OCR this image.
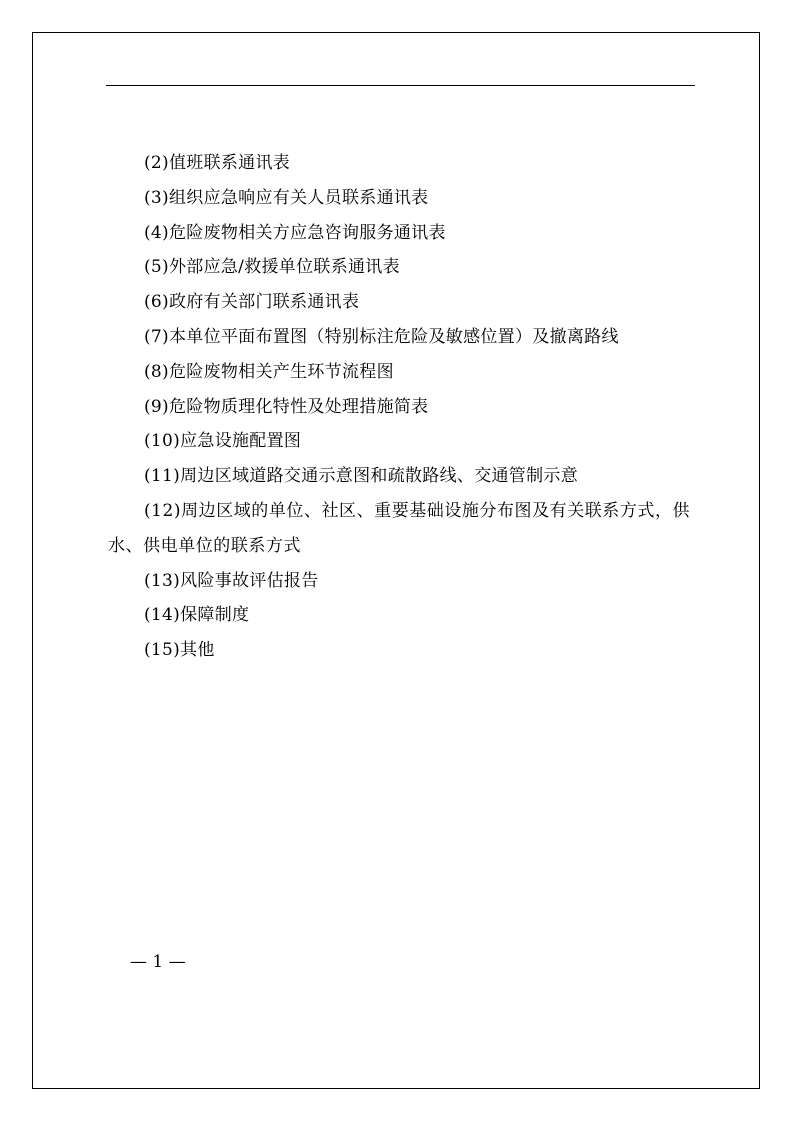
(2)值班联系通讯表
(3)组织应急响应有关人员联系通讯表
(4)危险废物相关方应急咨询服务通讯表
(5)外部应急/救援单位联系通讯表
(6)政府有关部门联系通讯表
(7)本单位平面布置图（特别标注危险及敏感位置）及撤离路线
(8)危险废物相关产生环节流程图
(9)危险物质理化特性及处理措施简表
(10)应急设施配置图
(11)周边区域道路交通示意图和疏散路线、交通管制示意
(12)周边区域的单位、社区、重要基础设施分布图及有关联系方式，供水、供电单位的联系方式
(13)风险事故评估报告
(14)保障制度
(15)其他
— 1 —
